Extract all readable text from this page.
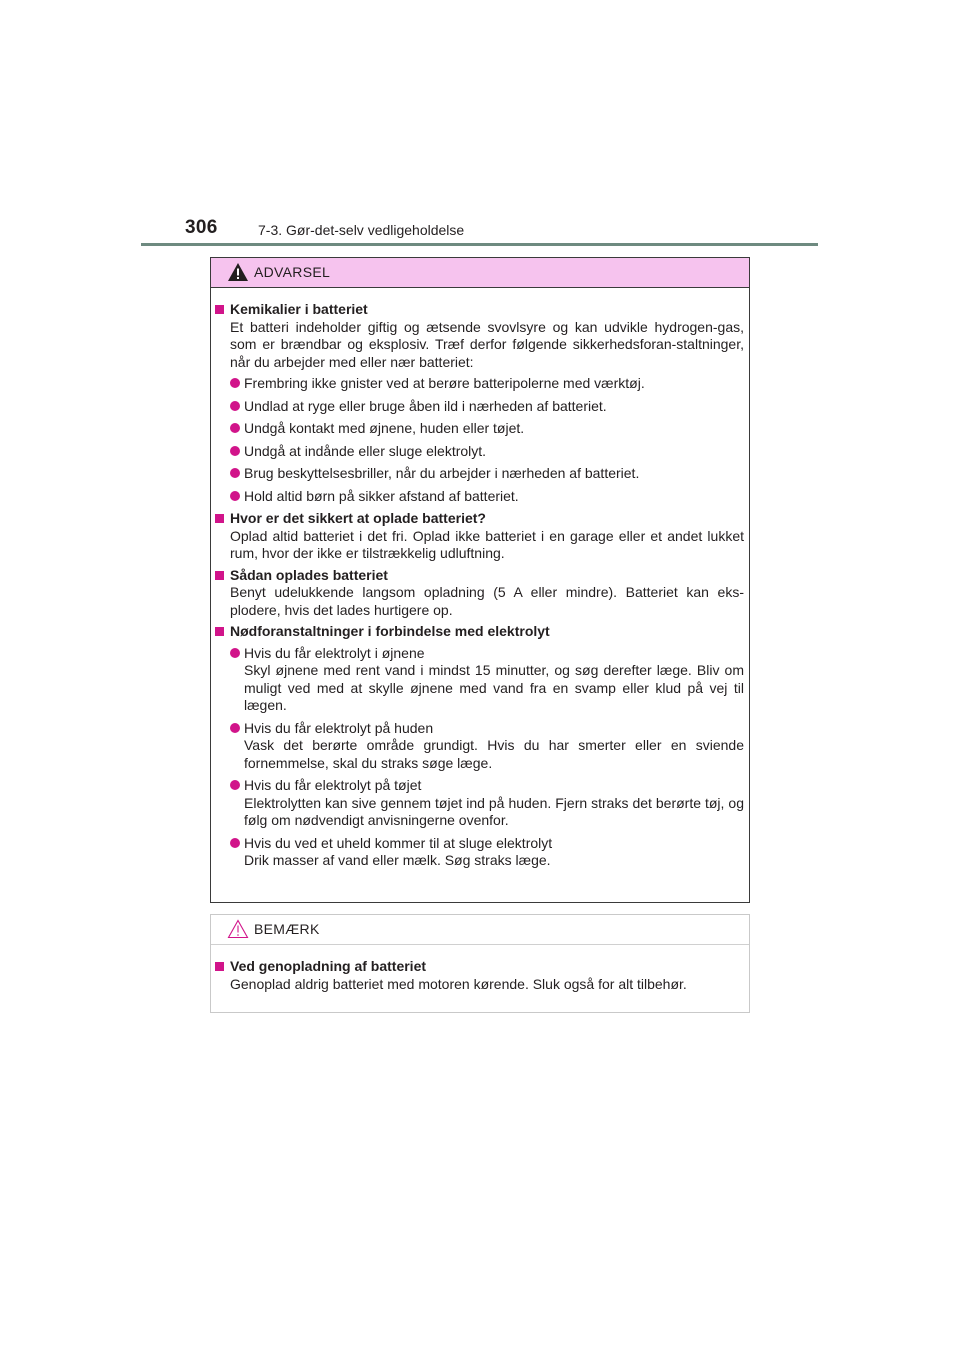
306	7-3. Gør-det-selv vedligeholdelse
ADVARSEL
Kemikalier i batteriet
Et batteri indeholder giftig og ætsende svovlsyre og kan udvikle hydrogen-gas, som er brændbar og eksplosiv. Træf derfor følgende sikkerhedsforan-staltninger, når du arbejder med eller nær batteriet:
Frembring ikke gnister ved at berøre batteripolerne med værktøj.
Undlad at ryge eller bruge åben ild i nærheden af batteriet.
Undgå kontakt med øjnene, huden eller tøjet.
Undgå at indånde eller sluge elektrolyt.
Brug beskyttelsesbriller, når du arbejder i nærheden af batteriet.
Hold altid børn på sikker afstand af batteriet.
Hvor er det sikkert at oplade batteriet?
Oplad altid batteriet i det fri. Oplad ikke batteriet i en garage eller et andet lukket rum, hvor der ikke er tilstrækkelig udluftning.
Sådan oplades batteriet
Benyt udelukkende langsom opladning (5 A eller mindre). Batteriet kan eks-plodere, hvis det lades hurtigere op.
Nødforanstaltninger i forbindelse med elektrolyt
Hvis du får elektrolyt i øjnene
Skyl øjnene med rent vand i mindst 15 minutter, og søg derefter læge. Bliv om muligt ved med at skylle øjnene med vand fra en svamp eller klud på vej til lægen.
Hvis du får elektrolyt på huden
Vask det berørte område grundigt. Hvis du har smerter eller en sviende fornemmelse, skal du straks søge læge.
Hvis du får elektrolyt på tøjet
Elektrolytten kan sive gennem tøjet ind på huden. Fjern straks det berørte tøj, og følg om nødvendigt anvisningerne ovenfor.
Hvis du ved et uheld kommer til at sluge elektrolyt
Drik masser af vand eller mælk. Søg straks læge.
BEMÆRK
Ved genopladning af batteriet
Genoplad aldrig batteriet med motoren kørende. Sluk også for alt tilbehør.
